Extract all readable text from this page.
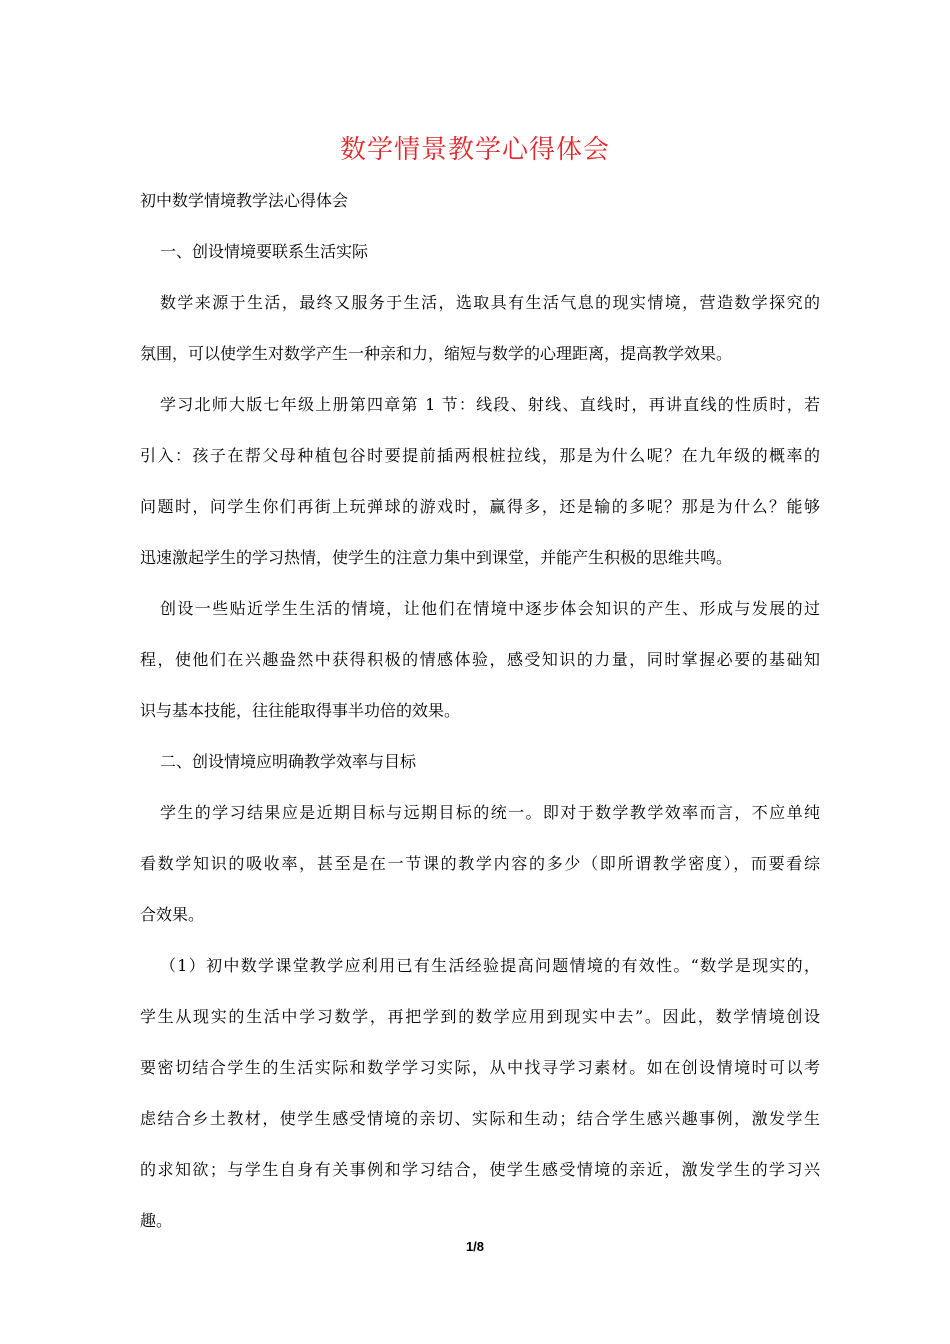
数学情景教学心得体会
初中数学情境教学法心得体会
一、创设情境要联系生活实际
数学来源于生活，最终又服务于生活，选取具有生活气息的现实情境，营造数学探究的
氛围，可以使学生对数学产生一种亲和力，缩短与数学的心理距离，提高教学效果。
学习北师大版七年级上册第四章第 1 节：线段、射线、直线时，再讲直线的性质时，若
引入：孩子在帮父母种植包谷时要提前插两根桩拉线，那是为什么呢？在九年级的概率的
问题时，问学生你们再街上玩弹球的游戏时，赢得多，还是输的多呢？那是为什么？能够
迅速激起学生的学习热情，使学生的注意力集中到课堂，并能产生积极的思维共鸣。
创设一些贴近学生生活的情境，让他们在情境中逐步体会知识的产生、形成与发展的过
程，使他们在兴趣盎然中获得积极的情感体验，感受知识的力量，同时掌握必要的基础知
识与基本技能，往往能取得事半功倍的效果。
二、创设情境应明确教学效率与目标
学生的学习结果应是近期目标与远期目标的统一。即对于数学教学效率而言，不应单纯
看数学知识的吸收率，甚至是在一节课的教学内容的多少（即所谓教学密度），而要看综
合效果。
（1）初中数学课堂教学应利用已有生活经验提高问题情境的有效性。“数学是现实的，
学生从现实的生活中学习数学，再把学到的数学应用到现实中去”。因此，数学情境创设
要密切结合学生的生活实际和数学学习实际，从中找寻学习素材。如在创设情境时可以考
虑结合乡土教材，使学生感受情境的亲切、实际和生动；结合学生感兴趣事例，激发学生
的求知欲；与学生自身有关事例和学习结合，使学生感受情境的亲近，激发学生的学习兴
趣。
1/8
